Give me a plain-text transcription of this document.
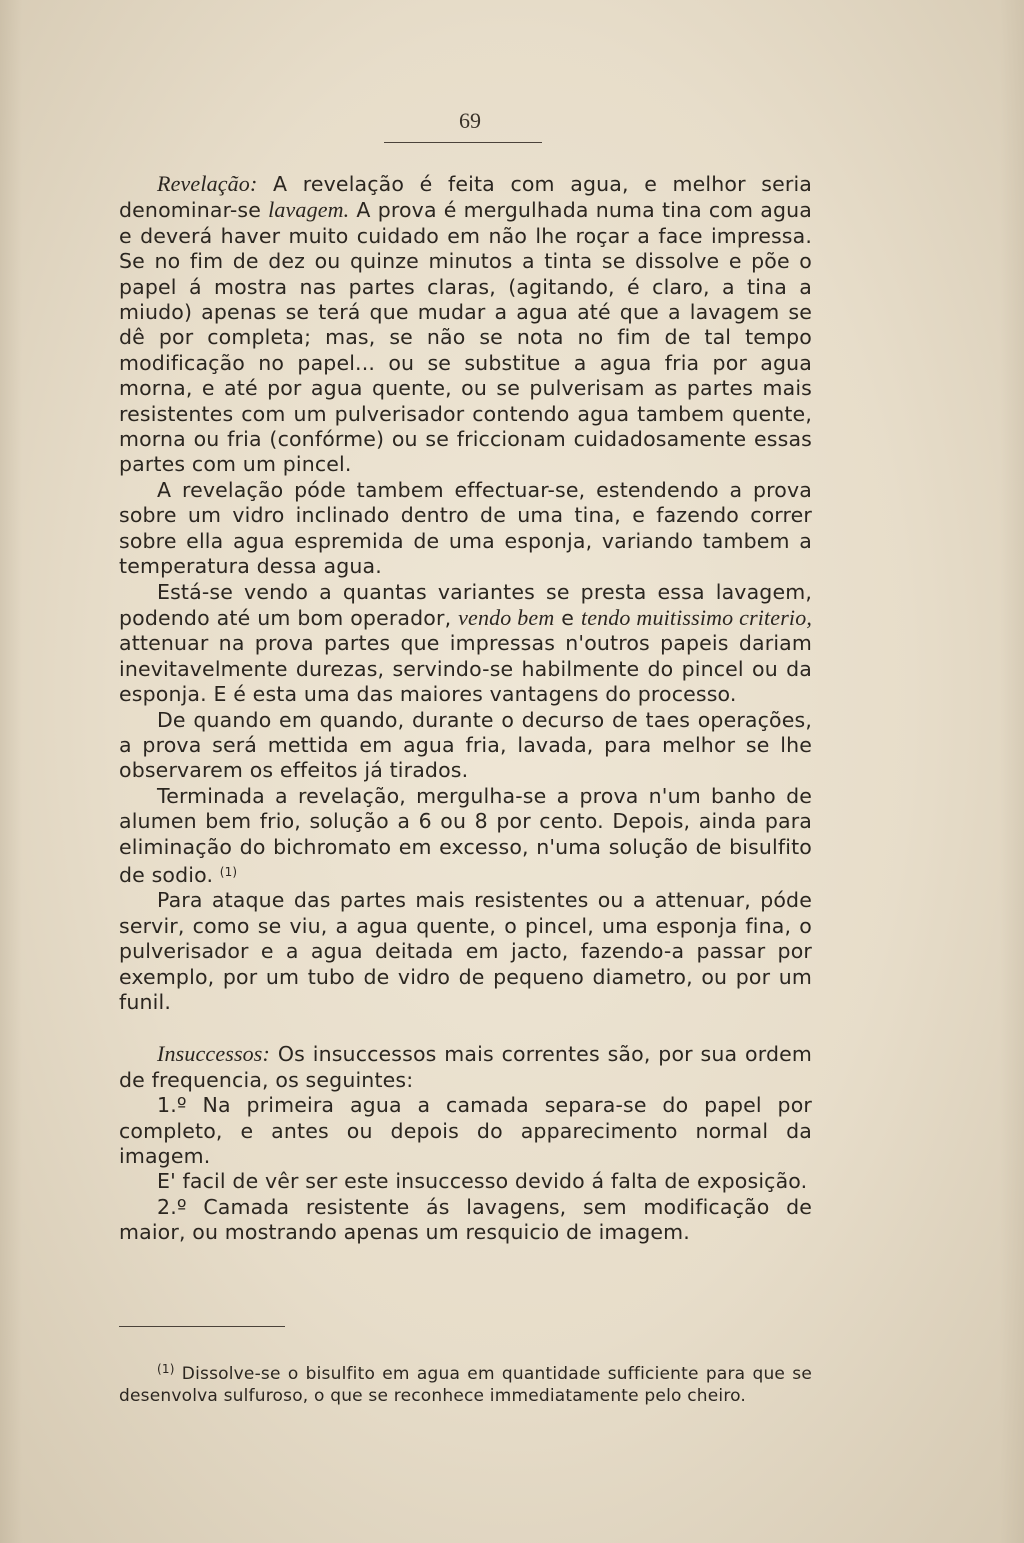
69

Revelação: A revelação é feita com agua, e melhor seria denominar-se lavagem. A prova é mergulhada numa tina com agua e deverá haver muito cuidado em não lhe roçar a face impressa. Se no fim de dez ou quinze minutos a tinta se dissolve e põe o papel á mostra nas partes claras, (agitando, é claro, a tina a miudo) apenas se terá que mudar a agua até que a lavagem se dê por completa; mas, se não se nota no fim de tal tempo modificação no papel... ou se substitue a agua fria por agua morna, e até por agua quente, ou se pulverisam as partes mais resistentes com um pulverisador contendo agua tambem quente, morna ou fria (confórme) ou se friccionam cuidadosamente essas partes com um pincel.

A revelação póde tambem effectuar-se, estendendo a prova sobre um vidro inclinado dentro de uma tina, e fazendo correr sobre ella agua espremida de uma esponja, variando tambem a temperatura dessa agua.

Está-se vendo a quantas variantes se presta essa lavagem, podendo até um bom operador, vendo bem e tendo muitissimo criterio, attenuar na prova partes que impressas n'outros papeis dariam inevitavelmente durezas, servindo-se habilmente do pincel ou da esponja. E é esta uma das maiores vantagens do processo.

De quando em quando, durante o decurso de taes operações, a prova será mettida em agua fria, lavada, para melhor se lhe observarem os effeitos já tirados.

Terminada a revelação, mergulha-se a prova n'um banho de alumen bem frio, solução a 6 ou 8 por cento. Depois, ainda para eliminação do bichromato em excesso, n'uma solução de bisulfito de sodio. $^{(1)}$

Para ataque das partes mais resistentes ou a attenuar, póde servir, como se viu, a agua quente, o pincel, uma esponja fina, o pulverisador e a agua deitada em jacto, fazendo-a passar por exemplo, por um tubo de vidro de pequeno diametro, ou por um funil.

Insuccessos: Os insuccessos mais correntes são, por sua ordem de frequencia, os seguintes:

1.º Na primeira agua a camada separa-se do papel por completo, e antes ou depois do apparecimento normal da imagem.

E' facil de vêr ser este insuccesso devido á falta de exposição.

2.º Camada resistente ás lavagens, sem modificação de maior, ou mostrando apenas um resquicio de imagem.

$^{(1)}$ Dissolve-se o bisulfito em agua em quantidade sufficiente para que se desenvolva sulfuroso, o que se reconhece immediatamente pelo cheiro.
